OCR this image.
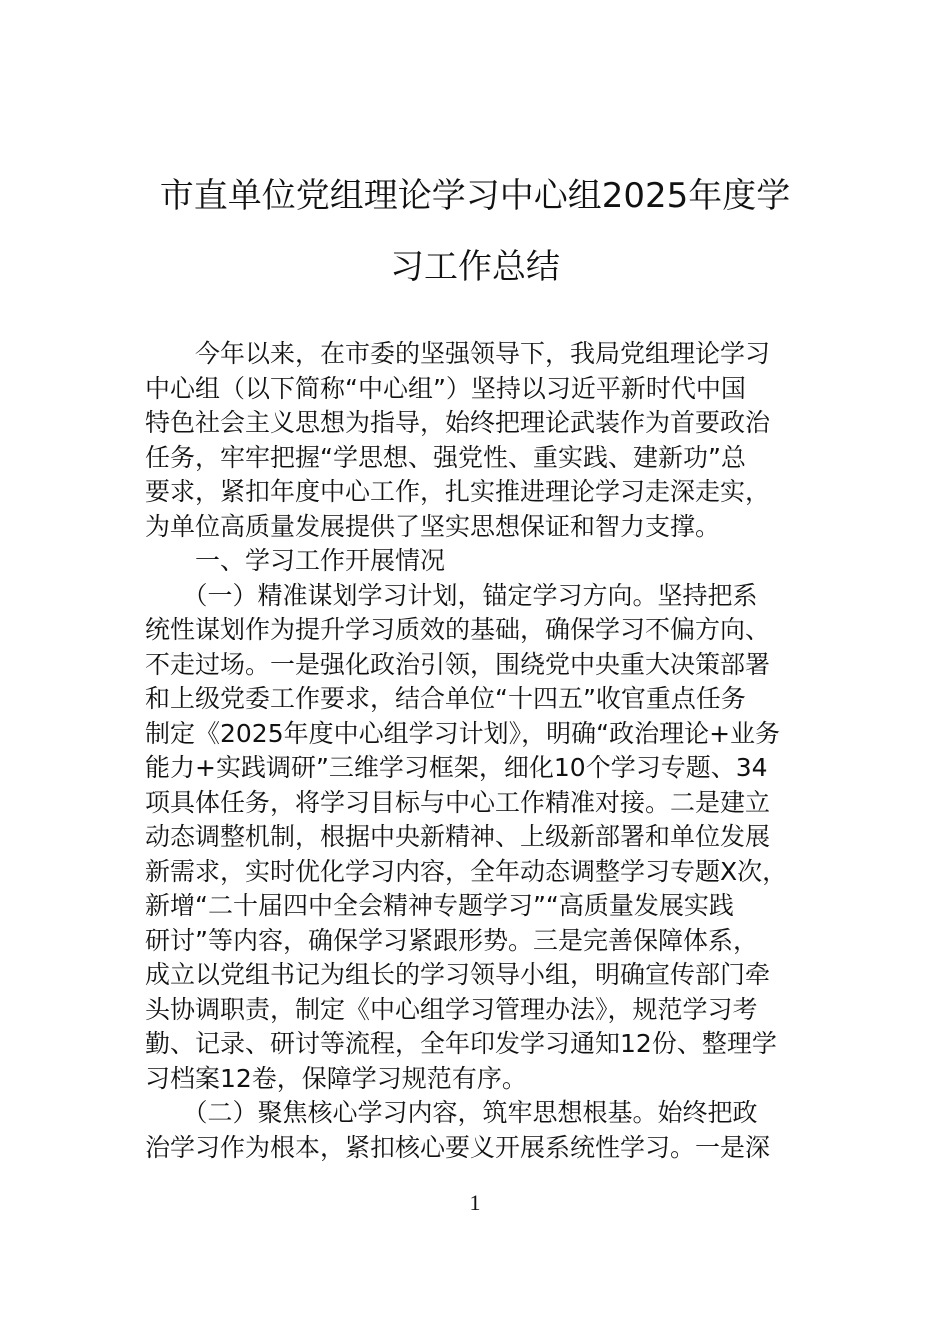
市直单位党组理论学习中心组2025年度学
习工作总结
　　今年以来，在市委的坚强领导下，我局党组理论学习
中心组（以下简称“中心组”）坚持以习近平新时代中国
特色社会主义思想为指导，始终把理论武装作为首要政治
任务，牢牢把握“学思想、强党性、重实践、建新功”总
要求，紧扣年度中心工作，扎实推进理论学习走深走实，
为单位高质量发展提供了坚实思想保证和智力支撑。
　　一、学习工作开展情况
　　（一）精准谋划学习计划，锚定学习方向。坚持把系
统性谋划作为提升学习质效的基础，确保学习不偏方向、
不走过场。一是强化政治引领，围绕党中央重大决策部署
和上级党委工作要求，结合单位“十四五”收官重点任务
制定《2025年度中心组学习计划》，明确“政治理论+业务
能力+实践调研”三维学习框架，细化10个学习专题、34
项具体任务，将学习目标与中心工作精准对接。二是建立
动态调整机制，根据中央新精神、上级新部署和单位发展
新需求，实时优化学习内容，全年动态调整学习专题X次，
新增“二十届四中全会精神专题学习”“高质量发展实践
研讨”等内容，确保学习紧跟形势。三是完善保障体系，
成立以党组书记为组长的学习领导小组，明确宣传部门牵
头协调职责，制定《中心组学习管理办法》，规范学习考
勤、记录、研讨等流程，全年印发学习通知12份、整理学
习档案12卷，保障学习规范有序。
　　（二）聚焦核心学习内容，筑牢思想根基。始终把政
治学习作为根本，紧扣核心要义开展系统性学习。一是深
1
